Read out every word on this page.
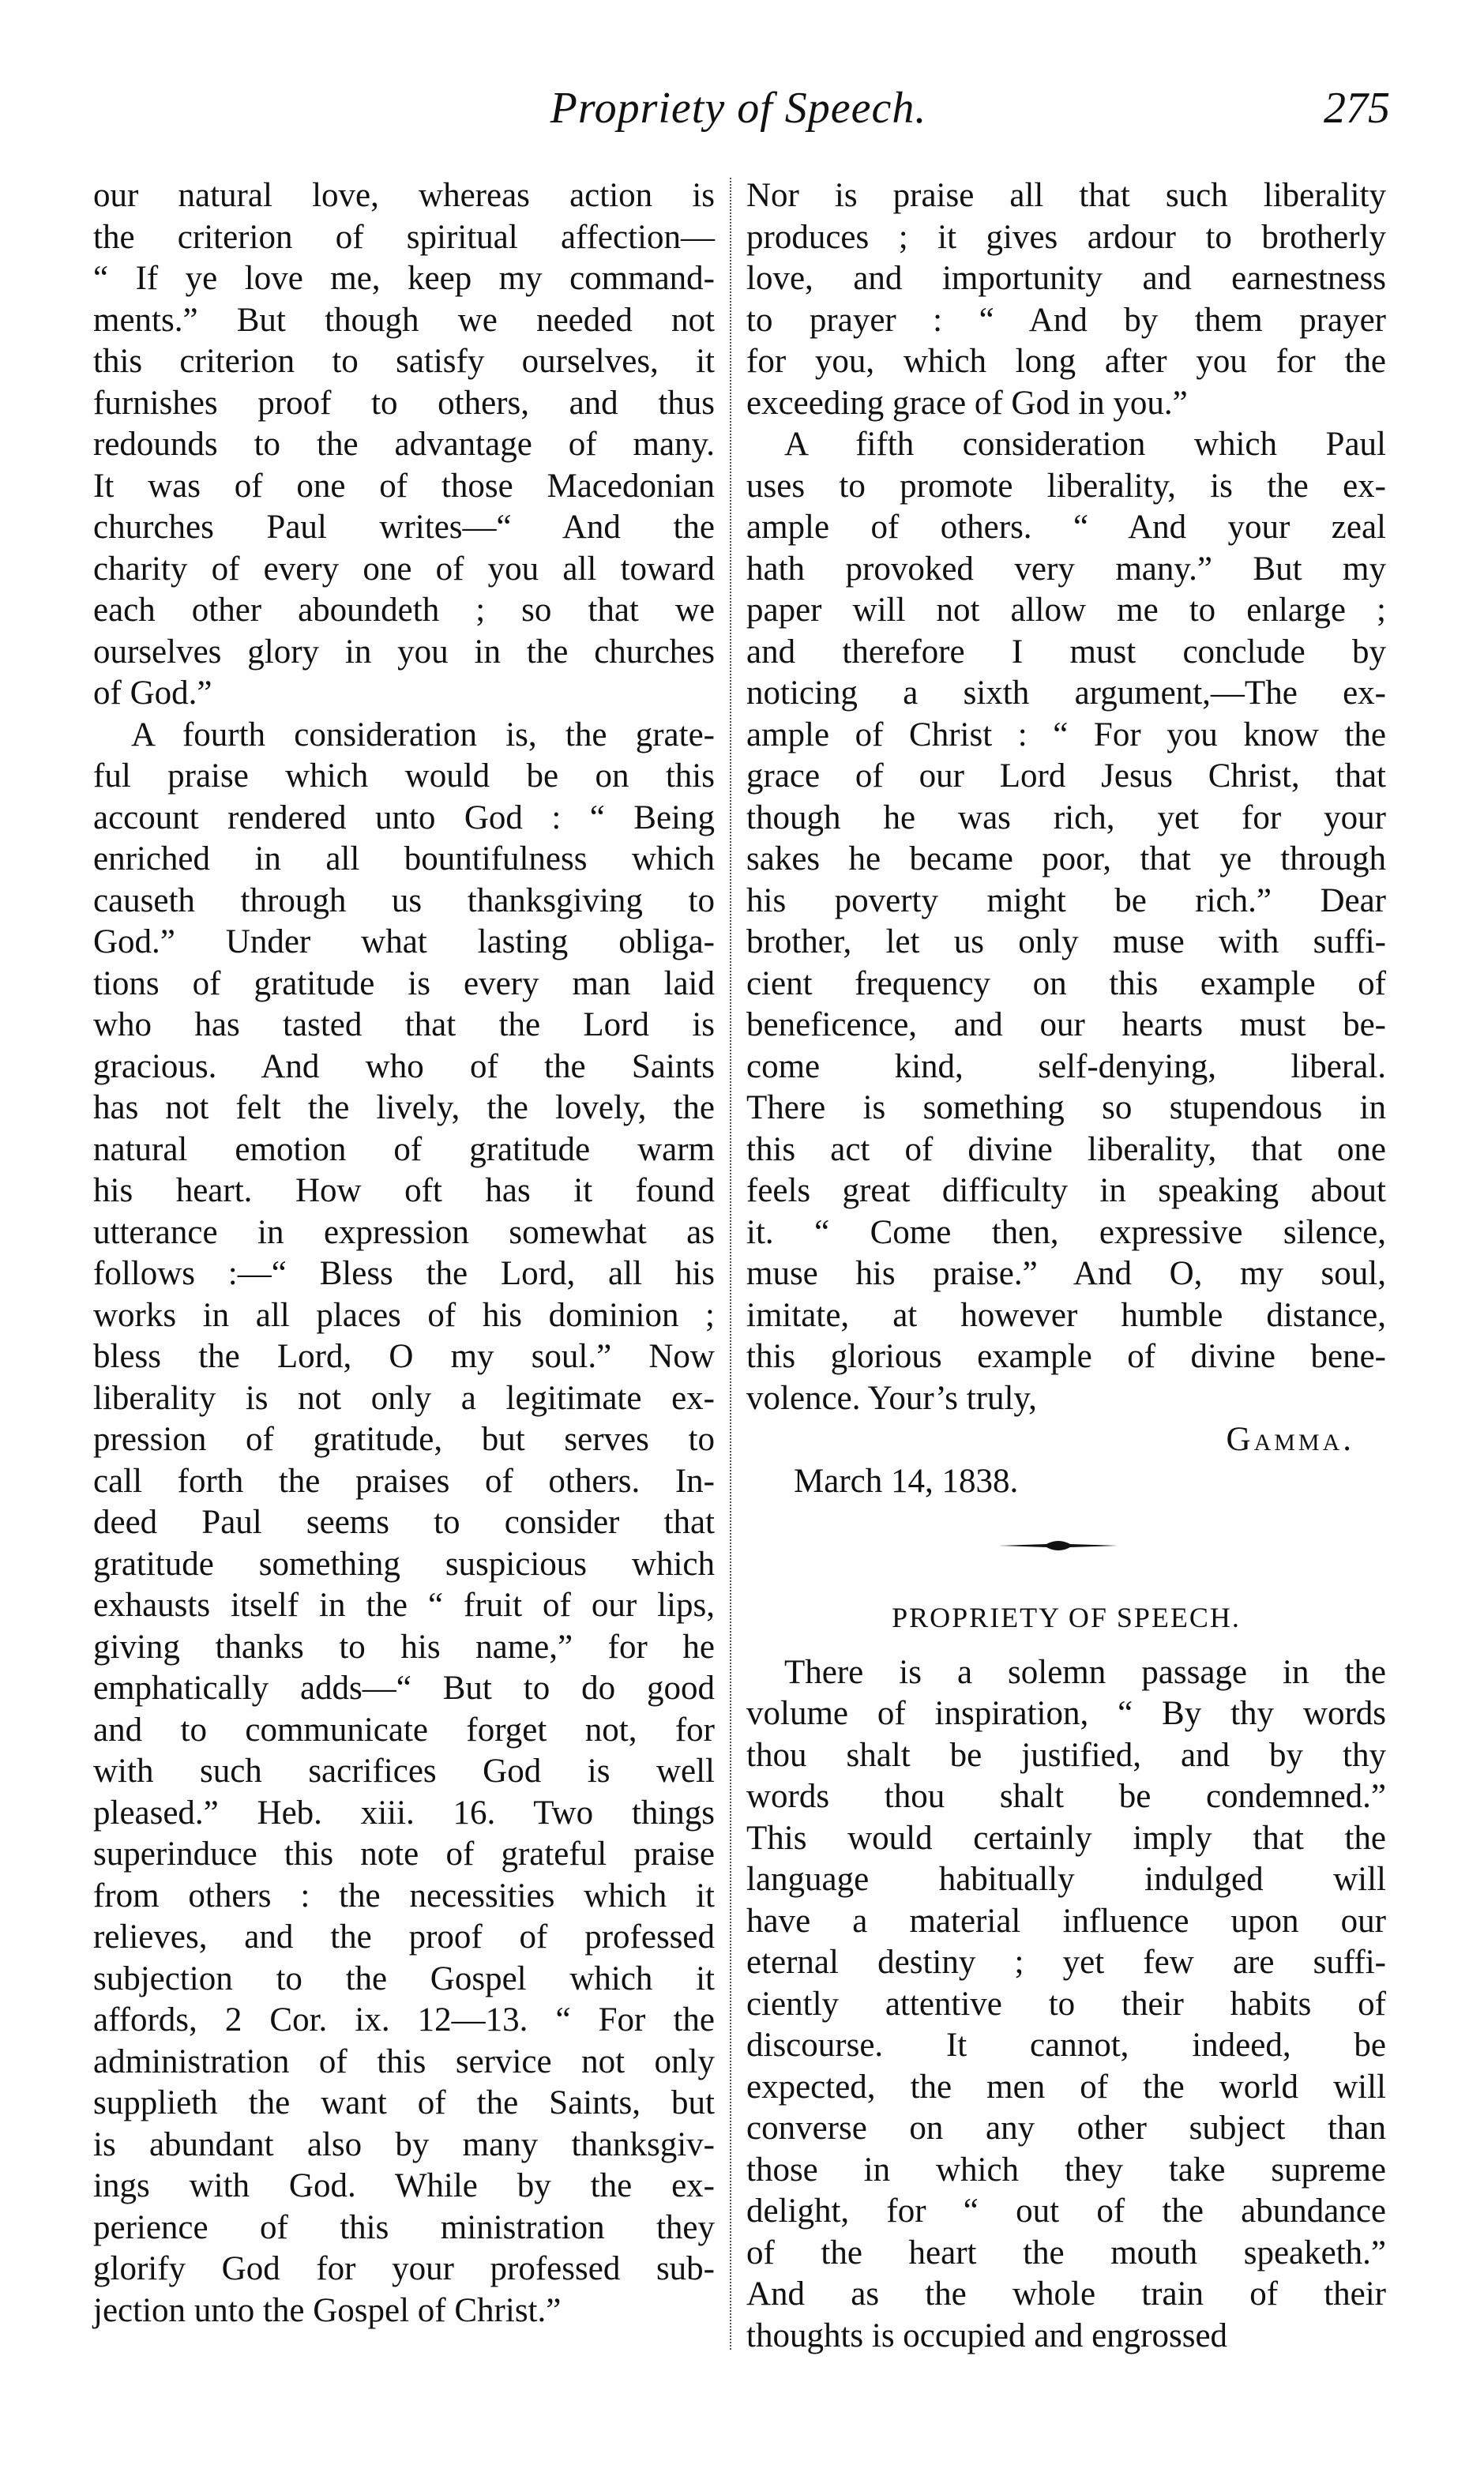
Propriety of Speech.	275
our natural love, whereas action is
the criterion of spiritual affection—
“ If ye love me, keep my command-
ments.” But though we needed not
this criterion to satisfy ourselves, it
furnishes proof to others, and thus
redounds to the advantage of many.
It was of one of those Macedonian
churches Paul writes—“ And the
charity of every one of you all toward
each other aboundeth ; so that we
ourselves glory in you in the churches
of God.”
A fourth consideration is, the grate-
ful praise which would be on this
account rendered unto God : “ Being
enriched in all bountifulness which
causeth through us thanksgiving to
God.” Under what lasting obliga-
tions of gratitude is every man laid
who has tasted that the Lord is
gracious. And who of the Saints
has not felt the lively, the lovely, the
natural emotion of gratitude warm
his heart. How oft has it found
utterance in expression somewhat as
follows :—“ Bless the Lord, all his
works in all places of his dominion ;
bless the Lord, O my soul.” Now
liberality is not only a legitimate ex-
pression of gratitude, but serves to
call forth the praises of others. In-
deed Paul seems to consider that
gratitude something suspicious which
exhausts itself in the “ fruit of our lips,
giving thanks to his name,” for he
emphatically adds—“ But to do good
and to communicate forget not, for
with such sacrifices God is well
pleased.” Heb. xiii. 16. Two things
superinduce this note of grateful praise
from others : the necessities which it
relieves, and the proof of professed
subjection to the Gospel which it
affords, 2 Cor. ix. 12—13. “ For the
administration of this service not only
supplieth the want of the Saints, but
is abundant also by many thanksgiv-
ings with God. While by the ex-
perience of this ministration they
glorify God for your professed sub-
jection unto the Gospel of Christ.”
Nor is praise all that such liberality
produces ; it gives ardour to brotherly
love, and importunity and earnestness
to prayer : “ And by them prayer
for you, which long after you for the
exceeding grace of God in you.”
A fifth consideration which Paul
uses to promote liberality, is the ex-
ample of others. “ And your zeal
hath provoked very many.” But my
paper will not allow me to enlarge ;
and therefore I must conclude by
noticing a sixth argument,—The ex-
ample of Christ : “ For you know the
grace of our Lord Jesus Christ, that
though he was rich, yet for your
sakes he became poor, that ye through
his poverty might be rich.” Dear
brother, let us only muse with suffi-
cient frequency on this example of
beneficence, and our hearts must be-
come kind, self-denying, liberal.
There is something so stupendous in
this act of divine liberality, that one
feels great difficulty in speaking about
it. “ Come then, expressive silence,
muse his praise.” And O, my soul,
imitate, at however humble distance,
this glorious example of divine bene-
volence. Your’s truly,
Gamma.
March 14, 1838.
PROPRIETY OF SPEECH.
There is a solemn passage in the
volume of inspiration, “ By thy words
thou shalt be justified, and by thy
words thou shalt be condemned.”
This would certainly imply that the
language habitually indulged will
have a material influence upon our
eternal destiny ; yet few are suffi-
ciently attentive to their habits of
discourse. It cannot, indeed, be
expected, the men of the world will
converse on any other subject than
those in which they take supreme
delight, for “ out of the abundance
of the heart the mouth speaketh.”
And as the whole train of their
thoughts is occupied and engrossed
